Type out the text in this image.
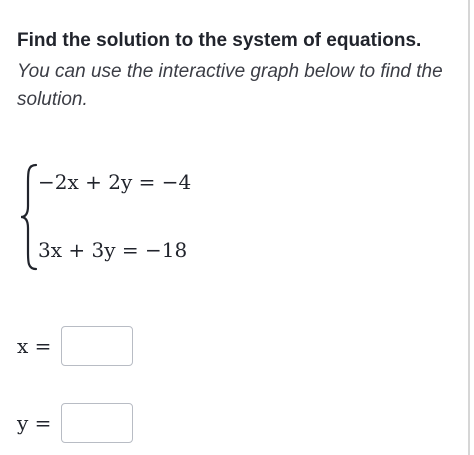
Find the solution to the system of equations.
You can use the interactive graph below to find the solution.
−2x + 2y = −4
3x + 3y = −18
x =
y =
